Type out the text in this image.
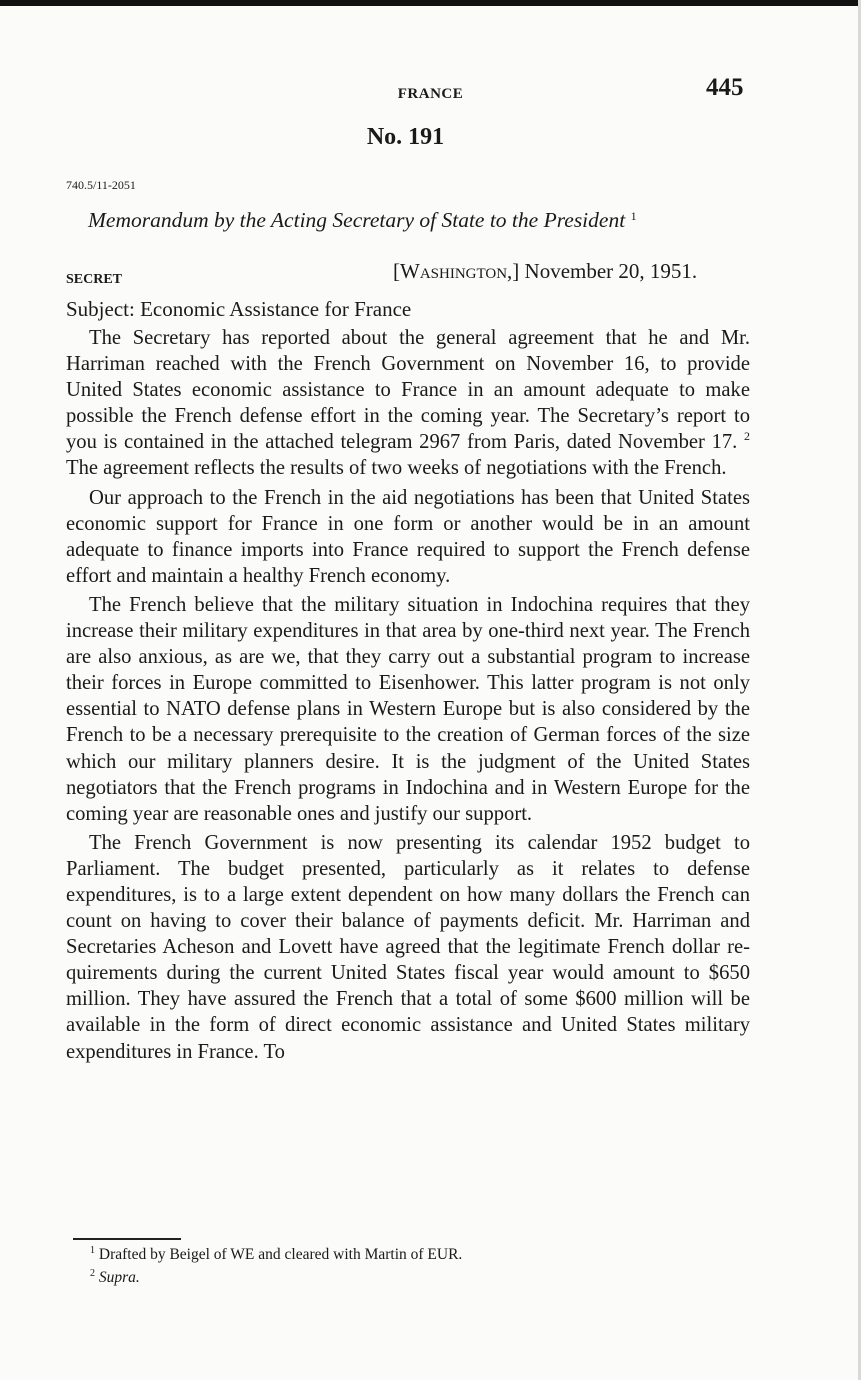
FRANCE	445
No. 191
740.5/11-2051
Memorandum by the Acting Secretary of State to the President $^1$
SECRET	[Washington,] November 20, 1951.
Subject: Economic Assistance for France

The Secretary has reported about the general agreement that he and Mr. Harriman reached with the French Government on November 16, to provide United States economic assistance to France in an amount adequate to make possible the French defense effort in the coming year. The Secretary’s report to you is contained in the attached telegram 2967 from Paris, dated November 17. $^2$ The agreement reflects the results of two weeks of negotiations with the French.

Our approach to the French in the aid negotiations has been that United States economic support for France in one form or another would be in an amount adequate to finance imports into France required to support the French defense effort and maintain a healthy French economy.

The French believe that the military situation in Indochina requires that they increase their military expenditures in that area by one-third next year. The French are also anxious, as are we, that they carry out a substantial program to increase their forces in Europe committed to Eisenhower. This latter program is not only essential to NATO defense plans in Western Europe but is also considered by the French to be a necessary prerequisite to the creation of German forces of the size which our military planners desire. It is the judgment of the United States negotiators that the French programs in Indochina and in Western Europe for the coming year are reasonable ones and justify our support.

The French Government is now presenting its calendar 1952 budget to Parliament. The budget presented, particularly as it relates to defense expenditures, is to a large extent dependent on how many dollars the French can count on having to cover their balance of payments deficit. Mr. Harriman and Secretaries Acheson and Lovett have agreed that the legitimate French dollar requirements during the current United States fiscal year would amount to $650 million. They have assured the French that a total of some $600 million will be available in the form of direct economic assistance and United States military expenditures in France. To

$^1$ Drafted by Beigel of WE and cleared with Martin of EUR.
$^2$ Supra.
